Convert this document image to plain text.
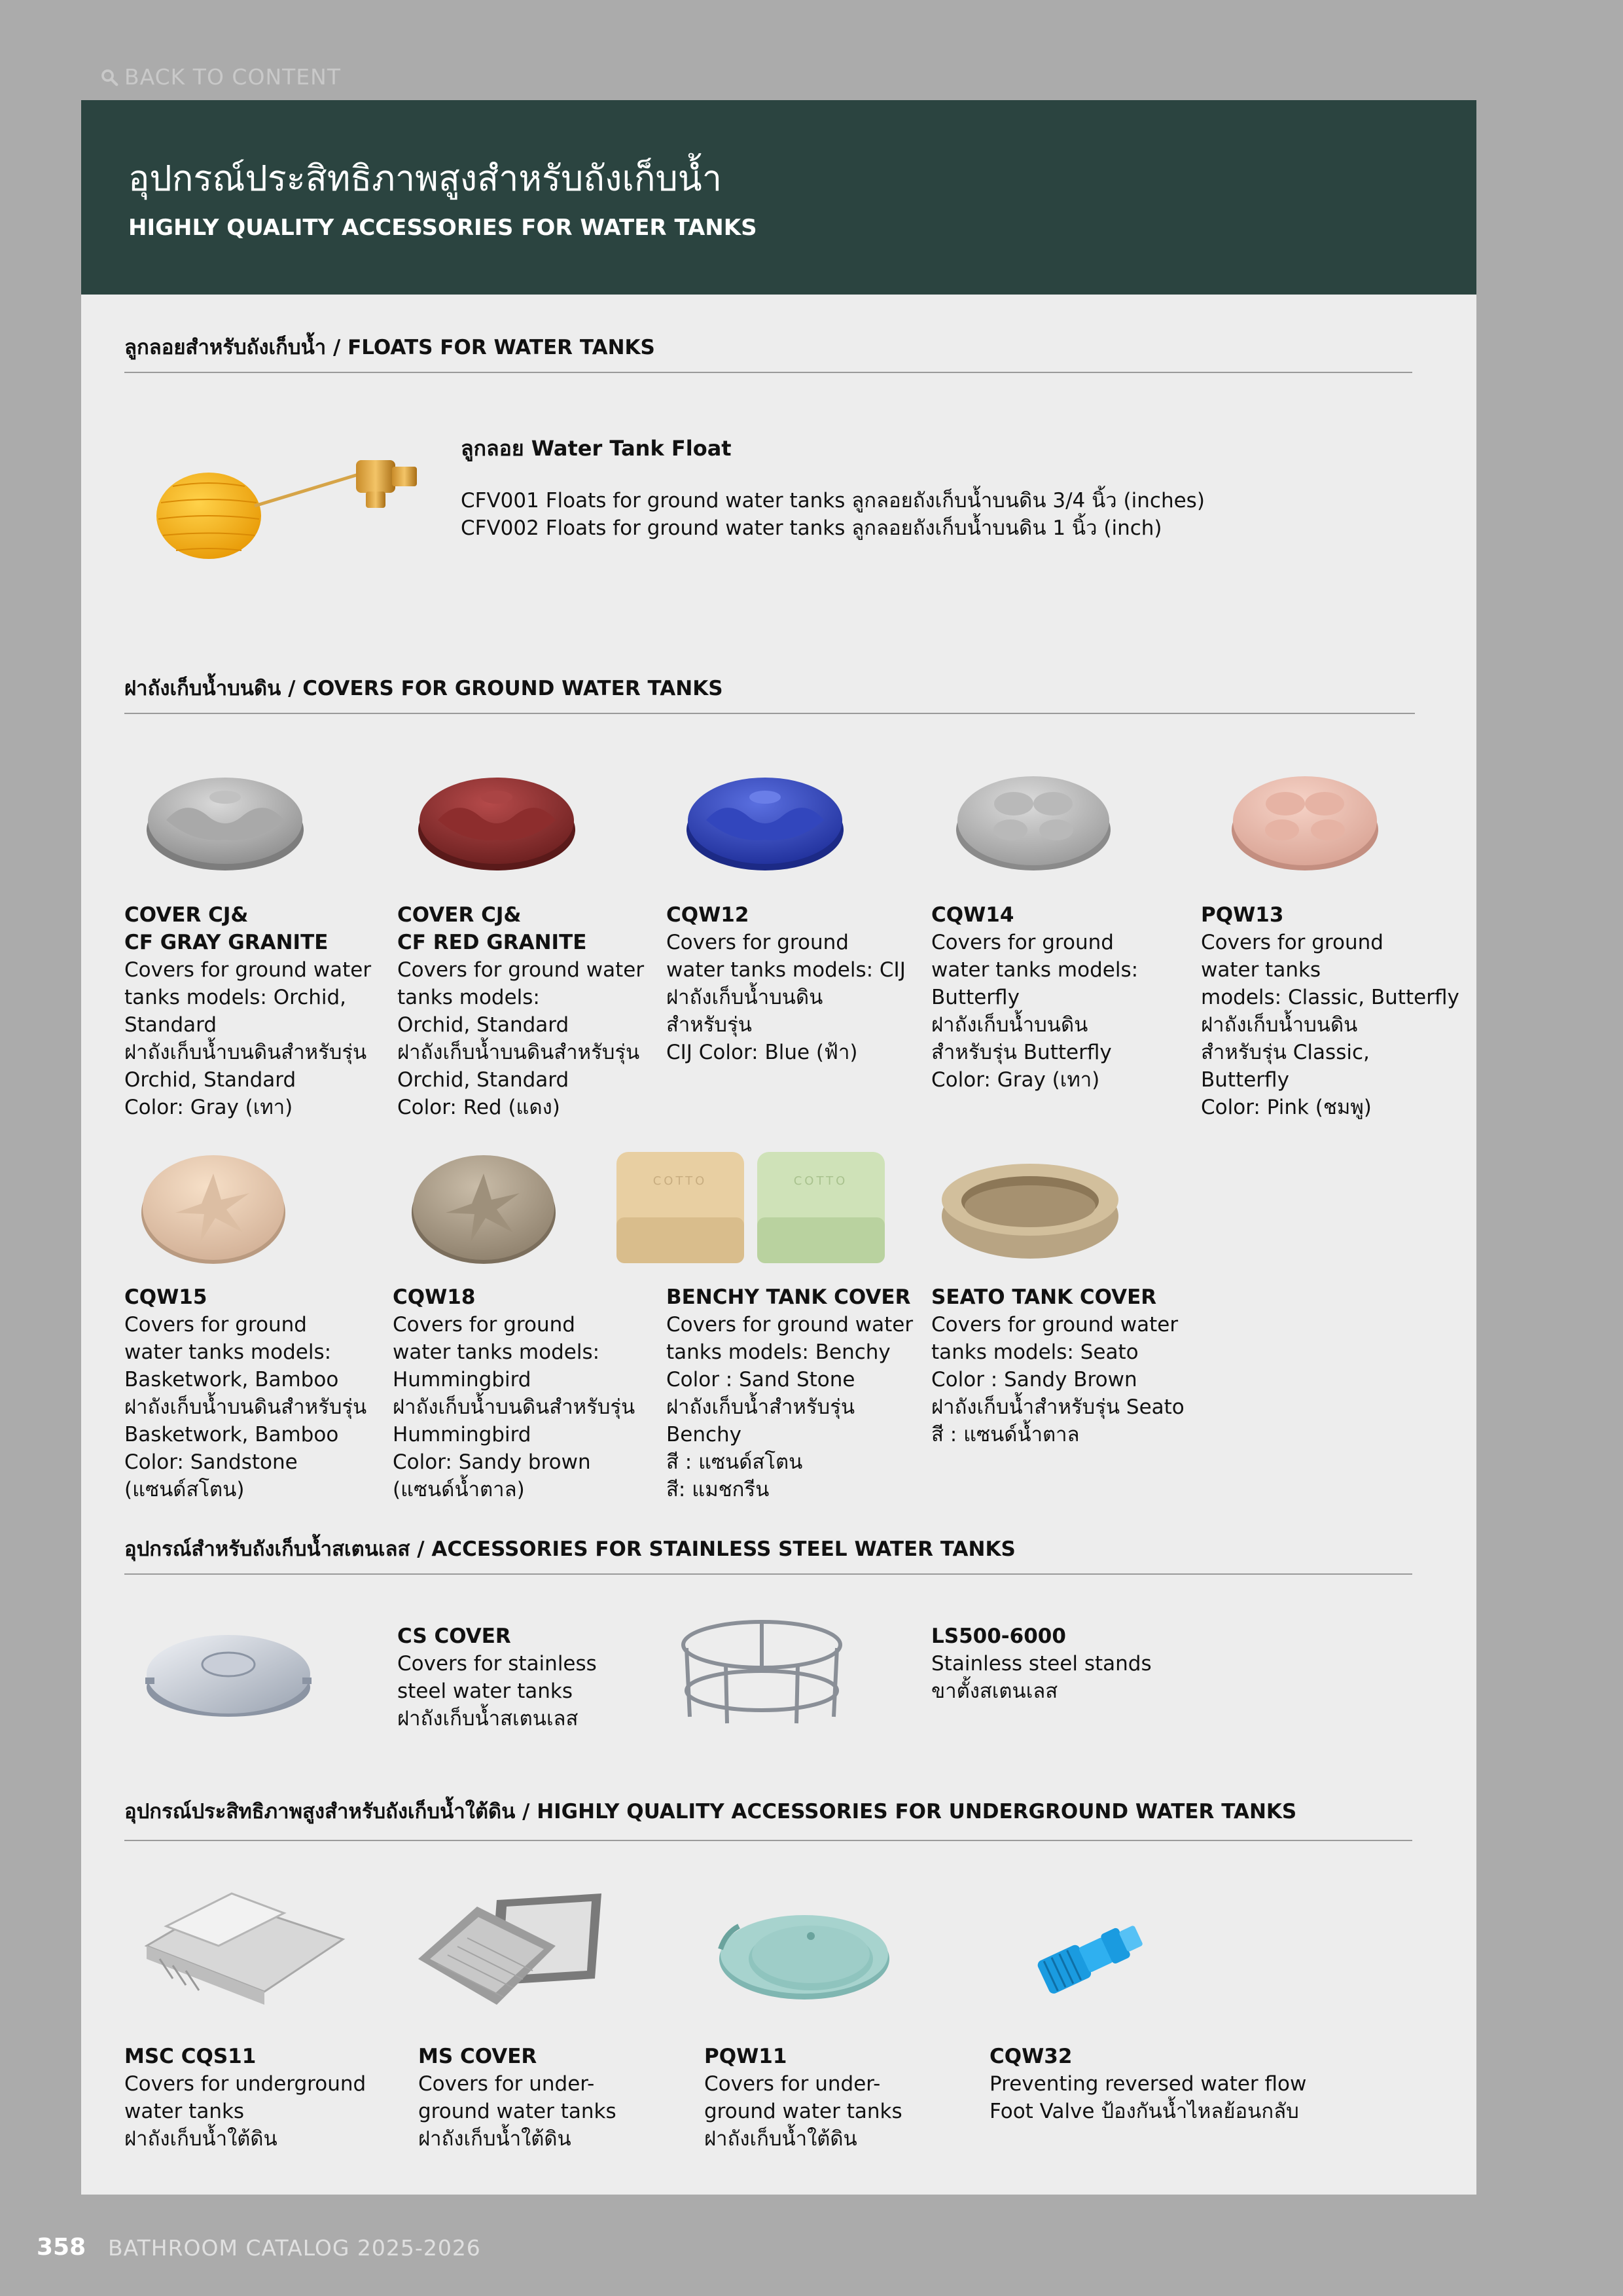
BACK TO CONTENT
อุปกรณ์ประสิทธิภาพสูงสำหรับถังเก็บน้ำ
HIGHLY QUALITY ACCESSORIES FOR WATER TANKS
ลูกลอยสำหรับถังเก็บน้ำ / FLOATS FOR WATER TANKS
ลูกลอย Water Tank Float
CFV001 Floats for ground water tanks ลูกลอยถังเก็บน้ำบนดิน 3/4 นิ้ว (inches)
CFV002 Floats for ground water tanks ลูกลอยถังเก็บน้ำบนดิน 1 นิ้ว (inch)
ฝาถังเก็บน้ำบนดิน / COVERS FOR GROUND WATER TANKS
COVER CJ&
CF GRAY GRANITE
Covers for ground water
tanks models: Orchid,
Standard
ฝาถังเก็บน้ำบนดินสำหรับรุ่น
Orchid, Standard
Color: Gray (เทา)
COVER CJ&
CF RED GRANITE
Covers for ground water
tanks models:
Orchid, Standard
ฝาถังเก็บน้ำบนดินสำหรับรุ่น
Orchid, Standard
Color: Red (แดง)
CQW12
Covers for ground
water tanks models: CIJ
ฝาถังเก็บน้ำบนดิน
สำหรับรุ่น
CIJ Color: Blue (ฟ้า)
CQW14
Covers for ground
water tanks models:
Butterfly
ฝาถังเก็บน้ำบนดิน
สำหรับรุ่น Butterfly
Color: Gray (เทา)
PQW13
Covers for ground
water tanks
models: Classic, Butterfly
ฝาถังเก็บน้ำบนดิน
สำหรับรุ่น Classic,
Butterfly
Color: Pink (ชมพู)
COTTO	COTTO
CQW15
Covers for ground
water tanks models:
Basketwork, Bamboo
ฝาถังเก็บน้ำบนดินสำหรับรุ่น
Basketwork, Bamboo
Color: Sandstone
(แซนด์สโตน)
CQW18
Covers for ground
water tanks models:
Hummingbird
ฝาถังเก็บน้ำบนดินสำหรับรุ่น
Hummingbird
Color: Sandy brown
(แซนด์น้ำตาล)
BENCHY TANK COVER
Covers for ground water
tanks models: Benchy
Color : Sand Stone
ฝาถังเก็บน้ำสำหรับรุ่น
Benchy
สี : แซนด์สโตน
สี: แมชกรีน
SEATO TANK COVER
Covers for ground water
tanks models: Seato
Color : Sandy Brown
ฝาถังเก็บน้ำสำหรับรุ่น Seato
สี : แซนด์น้ำตาล
อุปกรณ์สำหรับถังเก็บน้ำสเตนเลส / ACCESSORIES FOR STAINLESS STEEL WATER TANKS
CS COVER
Covers for stainless
steel water tanks
ฝาถังเก็บน้ำสเตนเลส
LS500-6000
Stainless steel stands
ขาตั้งสเตนเลส
อุปกรณ์ประสิทธิภาพสูงสำหรับถังเก็บน้ำใต้ดิน / HIGHLY QUALITY ACCESSORIES FOR UNDERGROUND WATER TANKS
MSC CQS11
Covers for underground
water tanks
ฝาถังเก็บน้ำใต้ดิน
MS COVER
Covers for under-
ground water tanks
ฝาถังเก็บน้ำใต้ดิน
PQW11
Covers for under-
ground water tanks
ฝาถังเก็บน้ำใต้ดิน
CQW32
Preventing reversed water flow
Foot Valve ป้องกันน้ำไหลย้อนกลับ
358 BATHROOM CATALOG 2025-2026
